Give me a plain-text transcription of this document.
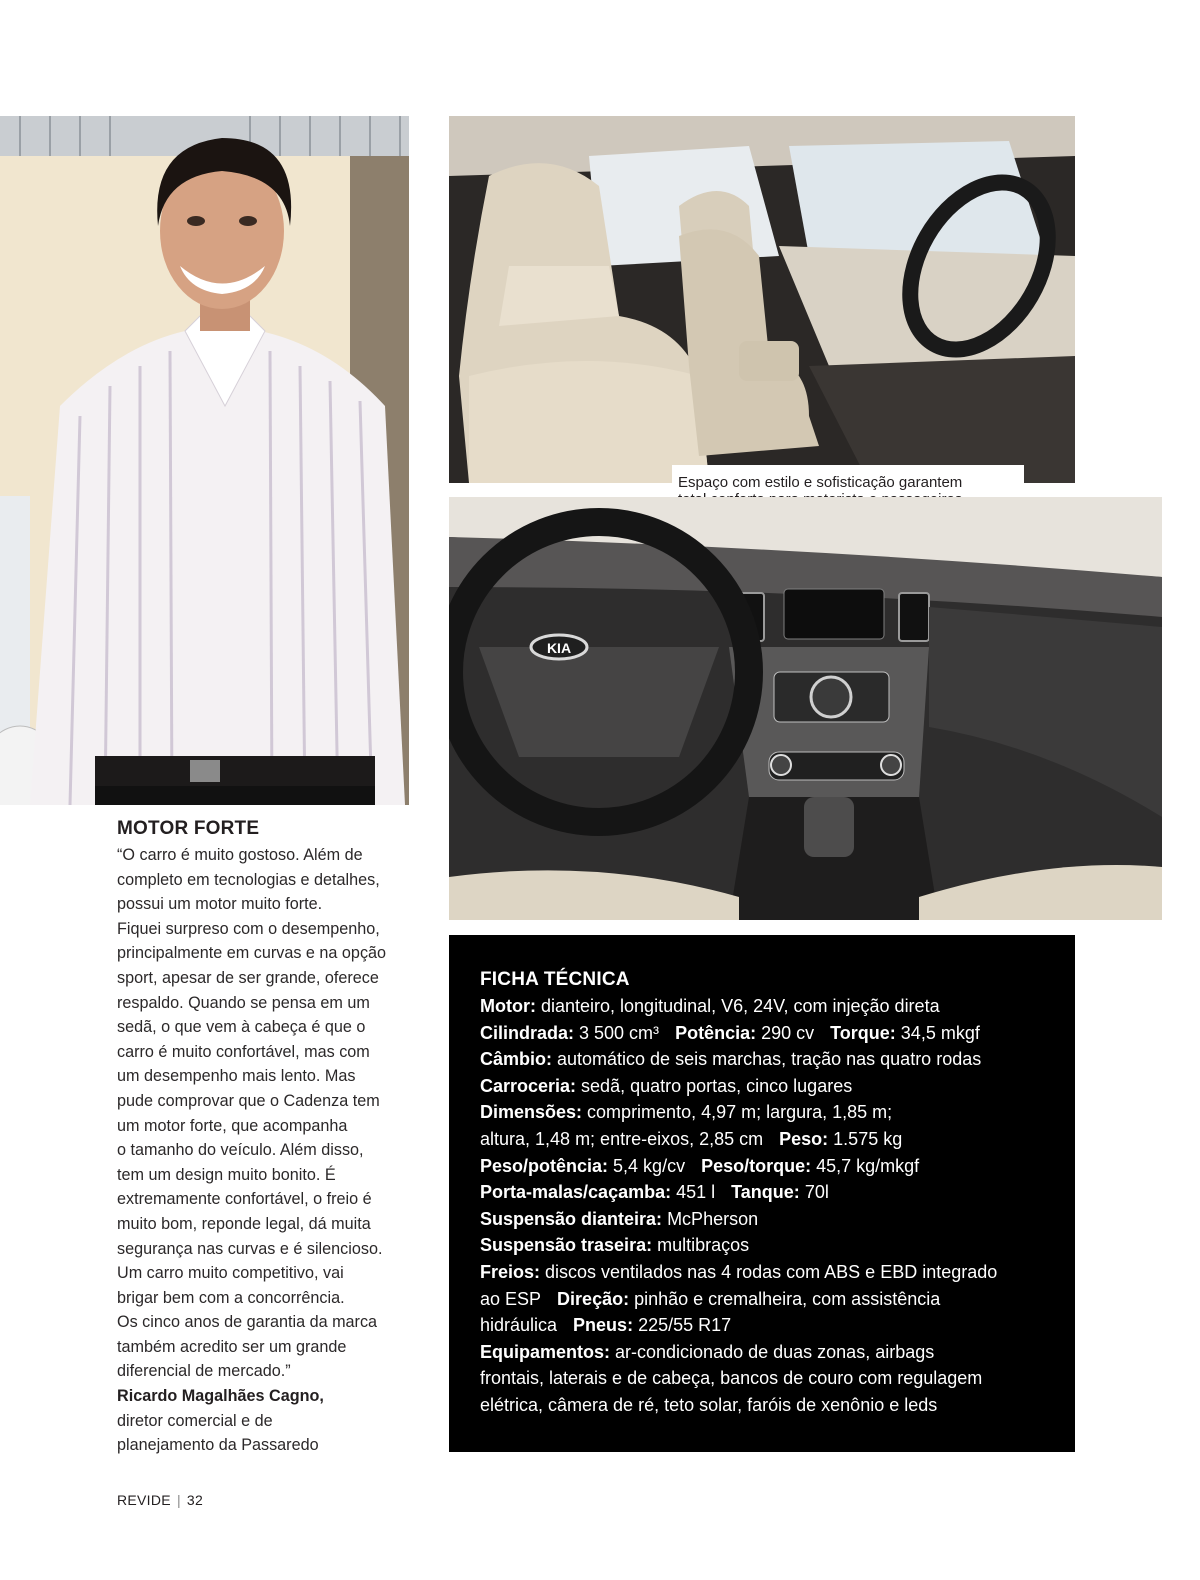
Espaço com estilo e sofisticação garantem
KIA
MOTOR FORTE
“O carro é muito gostoso. Além de
completo em tecnologias e detalhes,
possui um motor muito forte.
Fiquei surpreso com o desempenho,
principalmente em curvas e na opção
sport, apesar de ser grande, oferece
respaldo. Quando se pensa em um
sedã, o que vem à cabeça é que o
carro é muito confortável, mas com
um desempenho mais lento. Mas
pude comprovar que o Cadenza tem
um motor forte, que acompanha
o tamanho do veículo. Além disso,
tem um design muito bonito. É
extremamente confortável, o freio é
muito bom, reponde legal, dá muita
segurança nas curvas e é silencioso.
Um carro muito competitivo, vai
brigar bem com a concorrência.
Os cinco anos de garantia da marca
também acredito ser um grande
diferencial de mercado.”
Ricardo Magalhães Cagno,
diretor comercial e de
planejamento da Passaredo
FICHA TÉCNICA
Motor: dianteiro, longitudinal, V6, 24V, com injeção direta
Cilindrada: 3 500 cm³ Potência: 290 cv Torque: 34,5 mkgf
Câmbio: automático de seis marchas, tração nas quatro rodas
Carroceria: sedã, quatro portas, cinco lugares
Dimensões: comprimento, 4,97 m; largura, 1,85 m;
altura, 1,48 m; entre-eixos, 2,85 cm Peso: 1.575 kg
Peso/potência: 5,4 kg/cv Peso/torque: 45,7 kg/mkgf
Porta-malas/caçamba: 451 l Tanque: 70l
Suspensão dianteira: McPherson
Suspensão traseira: multibraços
Freios: discos ventilados nas 4 rodas com ABS e EBD integrado
ao ESP Direção: pinhão e cremalheira, com assistência
hidráulica Pneus: 225/55 R17
Equipamentos: ar-condicionado de duas zonas, airbags
frontais, laterais e de cabeça, bancos de couro com regulagem
elétrica, câmera de ré, teto solar, faróis de xenônio e leds
REVIDE | 32
